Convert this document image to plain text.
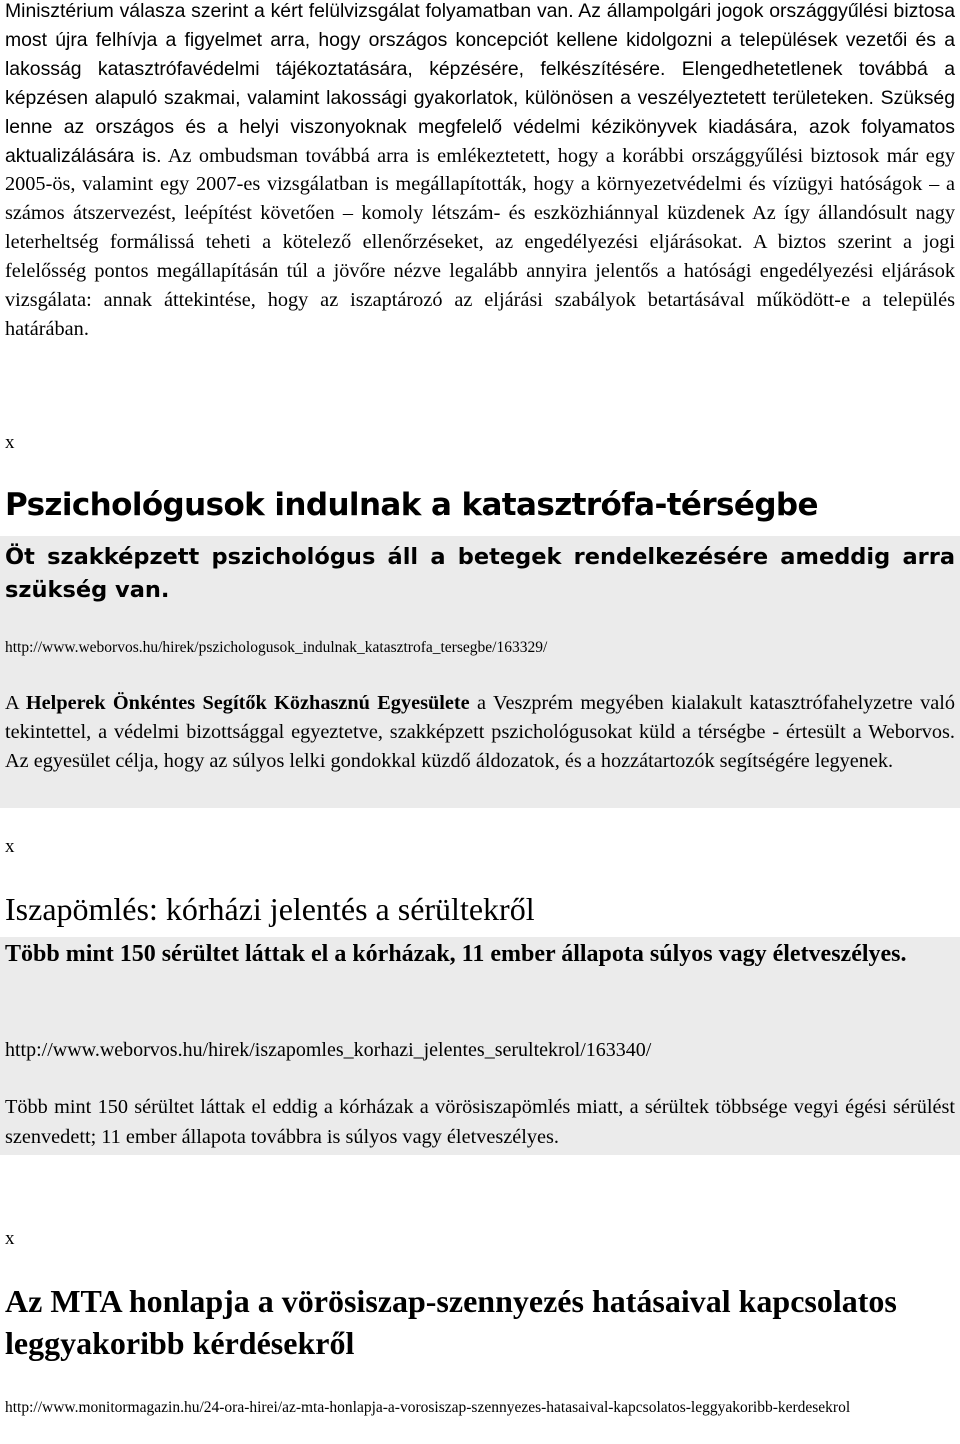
Minisztérium válasza szerint a kért felülvizsgálat folyamatban van. Az állampolgári jogok országgyűlési biztosa most újra felhívja a figyelmet arra, hogy országos koncepciót kellene kidolgozni a települések vezetői és a lakosság katasztrófavédelmi tájékoztatására, képzésére, felkészítésére. Elengedhetetlenek továbbá a képzésen alapuló szakmai, valamint lakossági gyakorlatok, különösen a veszélyeztetett területeken. Szükség lenne az országos és a helyi viszonyoknak megfelelő védelmi kézikönyvek kiadására, azok folyamatos aktualizálására is. Az ombudsman továbbá arra is emlékeztetett, hogy a korábbi országgyűlési biztosok már egy 2005-ös, valamint egy 2007-es vizsgálatban is megállapították, hogy a környezetvédelmi és vízügyi hatóságok – a számos átszervezést, leépítést követően – komoly létszám- és eszközhiánnyal küzdenek Az így állandósult nagy leterheltség formálissá teheti a kötelező ellenőrzéseket, az engedélyezési eljárásokat. A biztos szerint a jogi felelősség pontos megállapításán túl a jövőre nézve legalább annyira jelentős a hatósági engedélyezési eljárások vizsgálata: annak áttekintése, hogy az iszaptározó az eljárási szabályok betartásával működött-e a település határában.

x

Pszichológusok indulnak a katasztrófa-térségbe
Öt szakképzett pszichológus áll a betegek rendelkezésére ameddig arra szükség van.
http://www.weborvos.hu/hirek/pszichologusok_indulnak_katasztrofa_tersegbe/163329/

A Helperek Önkéntes Segítők Közhasznú Egyesülete a Veszprém megyében kialakult katasztrófahelyzetre való tekintettel, a védelmi bizottsággal egyeztetve, szakképzett pszichológusokat küld a térségbe - értesült a Weborvos. Az egyesület célja, hogy az súlyos lelki gondokkal küzdő áldozatok, és a hozzátartozók segítségére legyenek.

x

Iszapömlés: kórházi jelentés a sérültekről
Több mint 150 sérültet láttak el a kórházak, 11 ember állapota súlyos vagy életveszélyes.
http://www.weborvos.hu/hirek/iszapomles_korhazi_jelentes_serultekrol/163340/

Több mint 150 sérültet láttak el eddig a kórházak a vörösiszapömlés miatt, a sérültek többsége vegyi égési sérülést szenvedett; 11 ember állapota továbbra is súlyos vagy életveszélyes.

x

Az MTA honlapja a vörösiszap-szennyezés hatásaival kapcsolatos leggyakoribb kérdésekről
http://www.monitormagazin.hu/24-ora-hirei/az-mta-honlapja-a-vorosiszap-szennyezes-hatasaival-kapcsolatos-leggyakoribb-kerdesekrol
